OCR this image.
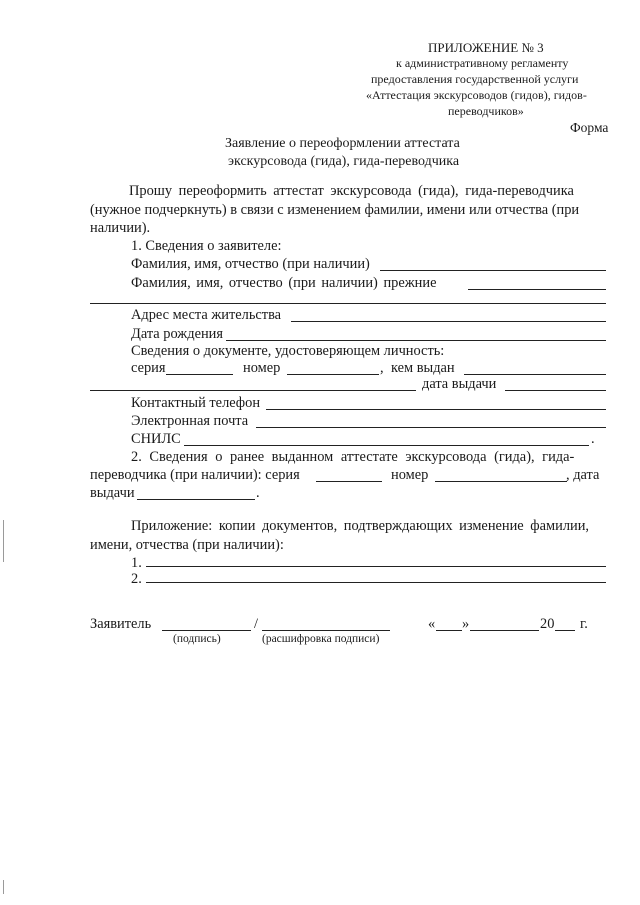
ПРИЛОЖЕНИЕ № 3
к административному регламенту
предоставления государственной услуги
«Аттестация экскурсоводов (гидов), гидов-
переводчиков»
Форма
Заявление о переоформлении аттестата
экскурсовода (гида), гида-переводчика
Прошу переоформить аттестат экскурсовода (гида), гида-переводчика
(нужное подчеркнуть) в связи с изменением фамилии, имени или отчества (при
наличии).
1. Сведения о заявителе:
Фамилия, имя, отчество (при наличии)
Фамилия, имя, отчество (при наличии) прежние
Адрес места жительства
Дата рождения
Сведения о документе, удостоверяющем личность:
серия	номер	, кем выдан
дата выдачи
Контактный телефон
Электронная почта
СНИЛС	.
2. Сведения о ранее выданном аттестате экскурсовода (гида), гида-
переводчика (при наличии): серия	номер	, дата
выдачи	.
Приложение: копии документов, подтверждающих изменение фамилии,
имени, отчества (при наличии):
1.
2.
Заявитель	/	« »	20 г.
(подпись)	(расшифровка подписи)
